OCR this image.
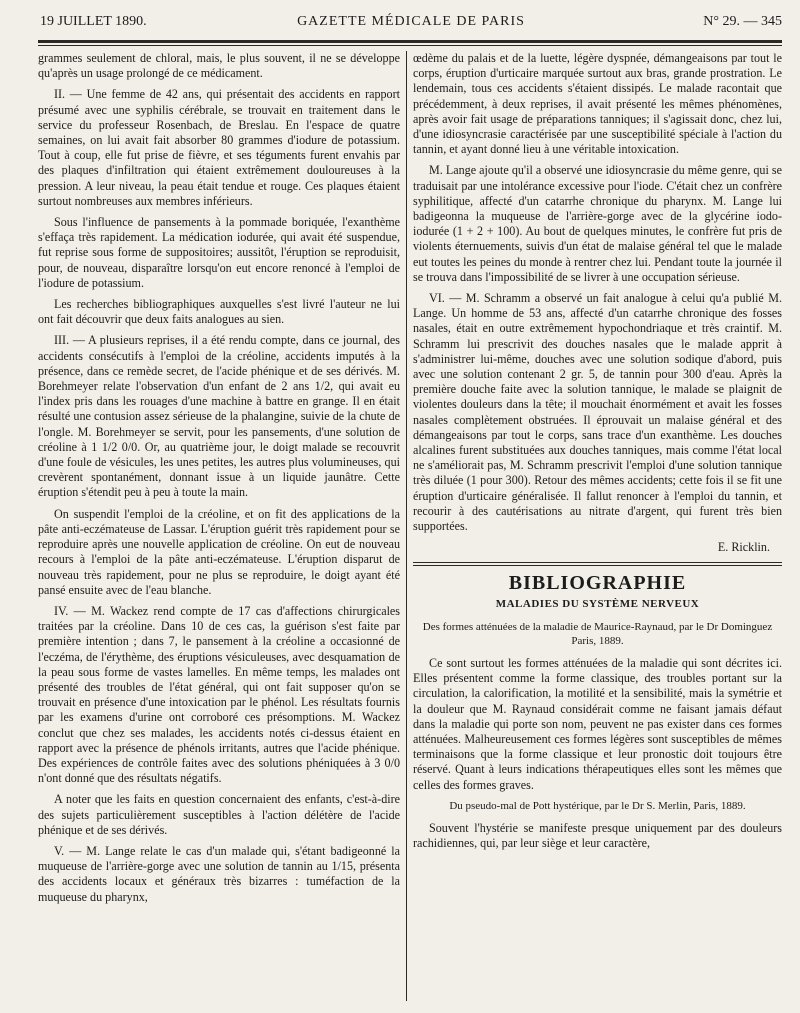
19 JUILLET 1890.	GAZETTE MÉDICALE DE PARIS	N° 29. — 345

grammes seulement de chloral, mais, le plus souvent, il ne se développe qu'après un usage prolongé de ce médicament.

II. — Une femme de 42 ans, qui présentait des accidents en rapport présumé avec une syphilis cérébrale, se trouvait en traitement dans le service du professeur Rosenbach, de Breslau. En l'espace de quatre semaines, on lui avait fait absorber 80 grammes d'iodure de potassium. Tout à coup, elle fut prise de fièvre, et ses téguments furent envahis par des plaques d'infiltration qui étaient extrêmement douloureuses à la pression. A leur niveau, la peau était tendue et rouge. Ces plaques étaient surtout nombreuses aux membres inférieurs.

Sous l'influence de pansements à la pommade boriquée, l'exanthème s'effaça très rapidement. La médication iodurée, qui avait été suspendue, fut reprise sous forme de suppositoires; aussitôt, l'éruption se reproduisit, pour, de nouveau, disparaître lorsqu'on eut encore renoncé à l'emploi de l'iodure de potassium.

Les recherches bibliographiques auxquelles s'est livré l'auteur ne lui ont fait découvrir que deux faits analogues au sien.

III. — A plusieurs reprises, il a été rendu compte, dans ce journal, des accidents consécutifs à l'emploi de la créoline, accidents imputés à la présence, dans ce remède secret, de l'acide phénique et de ses dérivés. M. Borehmeyer relate l'observation d'un enfant de 2 ans 1/2, qui avait eu l'index pris dans les rouages d'une machine à battre en grange. Il en était résulté une contusion assez sérieuse de la phalangine, suivie de la chute de l'ongle. M. Borehmeyer se servit, pour les pansements, d'une solution de créoline à 1 1/2 0/0. Or, au quatrième jour, le doigt malade se recouvrit d'une foule de vésicules, les unes petites, les autres plus volumineuses, qui crevèrent spontanément, donnant issue à un liquide jaunâtre. Cette éruption s'étendit peu à peu à toute la main.

On suspendit l'emploi de la créoline, et on fit des applications de la pâte anti-eczémateuse de Lassar. L'éruption guérit très rapidement pour se reproduire après une nouvelle application de créoline. On eut de nouveau recours à l'emploi de la pâte anti-eczémateuse. L'éruption disparut de nouveau très rapidement, pour ne plus se reproduire, le doigt ayant été pansé ensuite avec de l'eau blanche.

IV. — M. Wackez rend compte de 17 cas d'affections chirurgicales traitées par la créoline. Dans 10 de ces cas, la guérison s'est faite par première intention ; dans 7, le pansement à la créoline a occasionné de l'eczéma, de l'érythème, des éruptions vésiculeuses, avec desquamation de la peau sous forme de vastes lamelles. En même temps, les malades ont présenté des troubles de l'état général, qui ont fait supposer qu'on se trouvait en présence d'une intoxication par le phénol. Les résultats fournis par les examens d'urine ont corroboré ces présomptions. M. Wackez conclut que chez ses malades, les accidents notés ci-dessus étaient en rapport avec la présence de phénols irritants, autres que l'acide phénique. Des expériences de contrôle faites avec des solutions phéniquées à 3 0/0 n'ont donné que des résultats négatifs.

A noter que les faits en question concernaient des enfants, c'est-à-dire des sujets particulièrement susceptibles à l'action délétère de l'acide phénique et de ses dérivés.

V. — M. Lange relate le cas d'un malade qui, s'étant badigeonné la muqueuse de l'arrière-gorge avec une solution de tannin au 1/15, présenta des accidents locaux et généraux très bizarres : tuméfaction de la muqueuse du pharynx,

œdème du palais et de la luette, légère dyspnée, démangeaisons par tout le corps, éruption d'urticaire marquée surtout aux bras, grande prostration. Le lendemain, tous ces accidents s'étaient dissipés. Le malade racontait que précédemment, à deux reprises, il avait présenté les mêmes phénomènes, après avoir fait usage de préparations tanniques; il s'agissait donc, chez lui, d'une idiosyncrasie caractérisée par une susceptibilité spéciale à l'action du tannin, et ayant donné lieu à une véritable intoxication.

M. Lange ajoute qu'il a observé une idiosyncrasie du même genre, qui se traduisait par une intolérance excessive pour l'iode. C'était chez un confrère syphilitique, affecté d'un catarrhe chronique du pharynx. M. Lange lui badigeonna la muqueuse de l'arrière-gorge avec de la glycérine iodo-iodurée (1 + 2 + 100). Au bout de quelques minutes, le confrère fut pris de violents éternuements, suivis d'un état de malaise général tel que le malade eut toutes les peines du monde à rentrer chez lui. Pendant toute la journée il se trouva dans l'impossibilité de se livrer à une occupation sérieuse.

VI. — M. Schramm a observé un fait analogue à celui qu'a publié M. Lange. Un homme de 53 ans, affecté d'un catarrhe chronique des fosses nasales, était en outre extrêmement hypochondriaque et très craintif. M. Schramm lui prescrivit des douches nasales que le malade apprit à s'administrer lui-même, douches avec une solution sodique d'abord, puis avec une solution contenant 2 gr. 5, de tannin pour 300 d'eau. Après la première douche faite avec la solution tannique, le malade se plaignit de violentes douleurs dans la tête; il mouchait énormément et avait les fosses nasales complètement obstruées. Il éprouvait un malaise général et des démangeaisons par tout le corps, sans trace d'un exanthème. Les douches alcalines furent substituées aux douches tanniques, mais comme l'état local ne s'améliorait pas, M. Schramm prescrivit l'emploi d'une solution tannique très diluée (1 pour 300). Retour des mêmes accidents; cette fois il se fit une éruption d'urticaire généralisée. Il fallut renoncer à l'emploi du tannin, et recourir à des cautérisations au nitrate d'argent, qui furent très bien supportées.

E. Ricklin.

BIBLIOGRAPHIE
MALADIES DU SYSTÈME NERVEUX
Des formes atténuées de la maladie de Maurice-Raynaud, par le Dr Dominguez Paris, 1889.

Ce sont surtout les formes atténuées de la maladie qui sont décrites ici. Elles présentent comme la forme classique, des troubles portant sur la circulation, la calorification, la motilité et la sensibilité, mais la symétrie et la douleur que M. Raynaud considérait comme ne faisant jamais défaut dans la maladie qui porte son nom, peuvent ne pas exister dans ces formes atténuées. Malheureusement ces formes légères sont susceptibles de mêmes terminaisons que la forme classique et leur pronostic doit toujours être réservé. Quant à leurs indications thérapeutiques elles sont les mêmes que celles des formes graves.

Du pseudo-mal de Pott hystérique, par le Dr S. Merlin, Paris, 1889.

Souvent l'hystérie se manifeste presque uniquement par des douleurs rachidiennes, qui, par leur siège et leur caractère,
